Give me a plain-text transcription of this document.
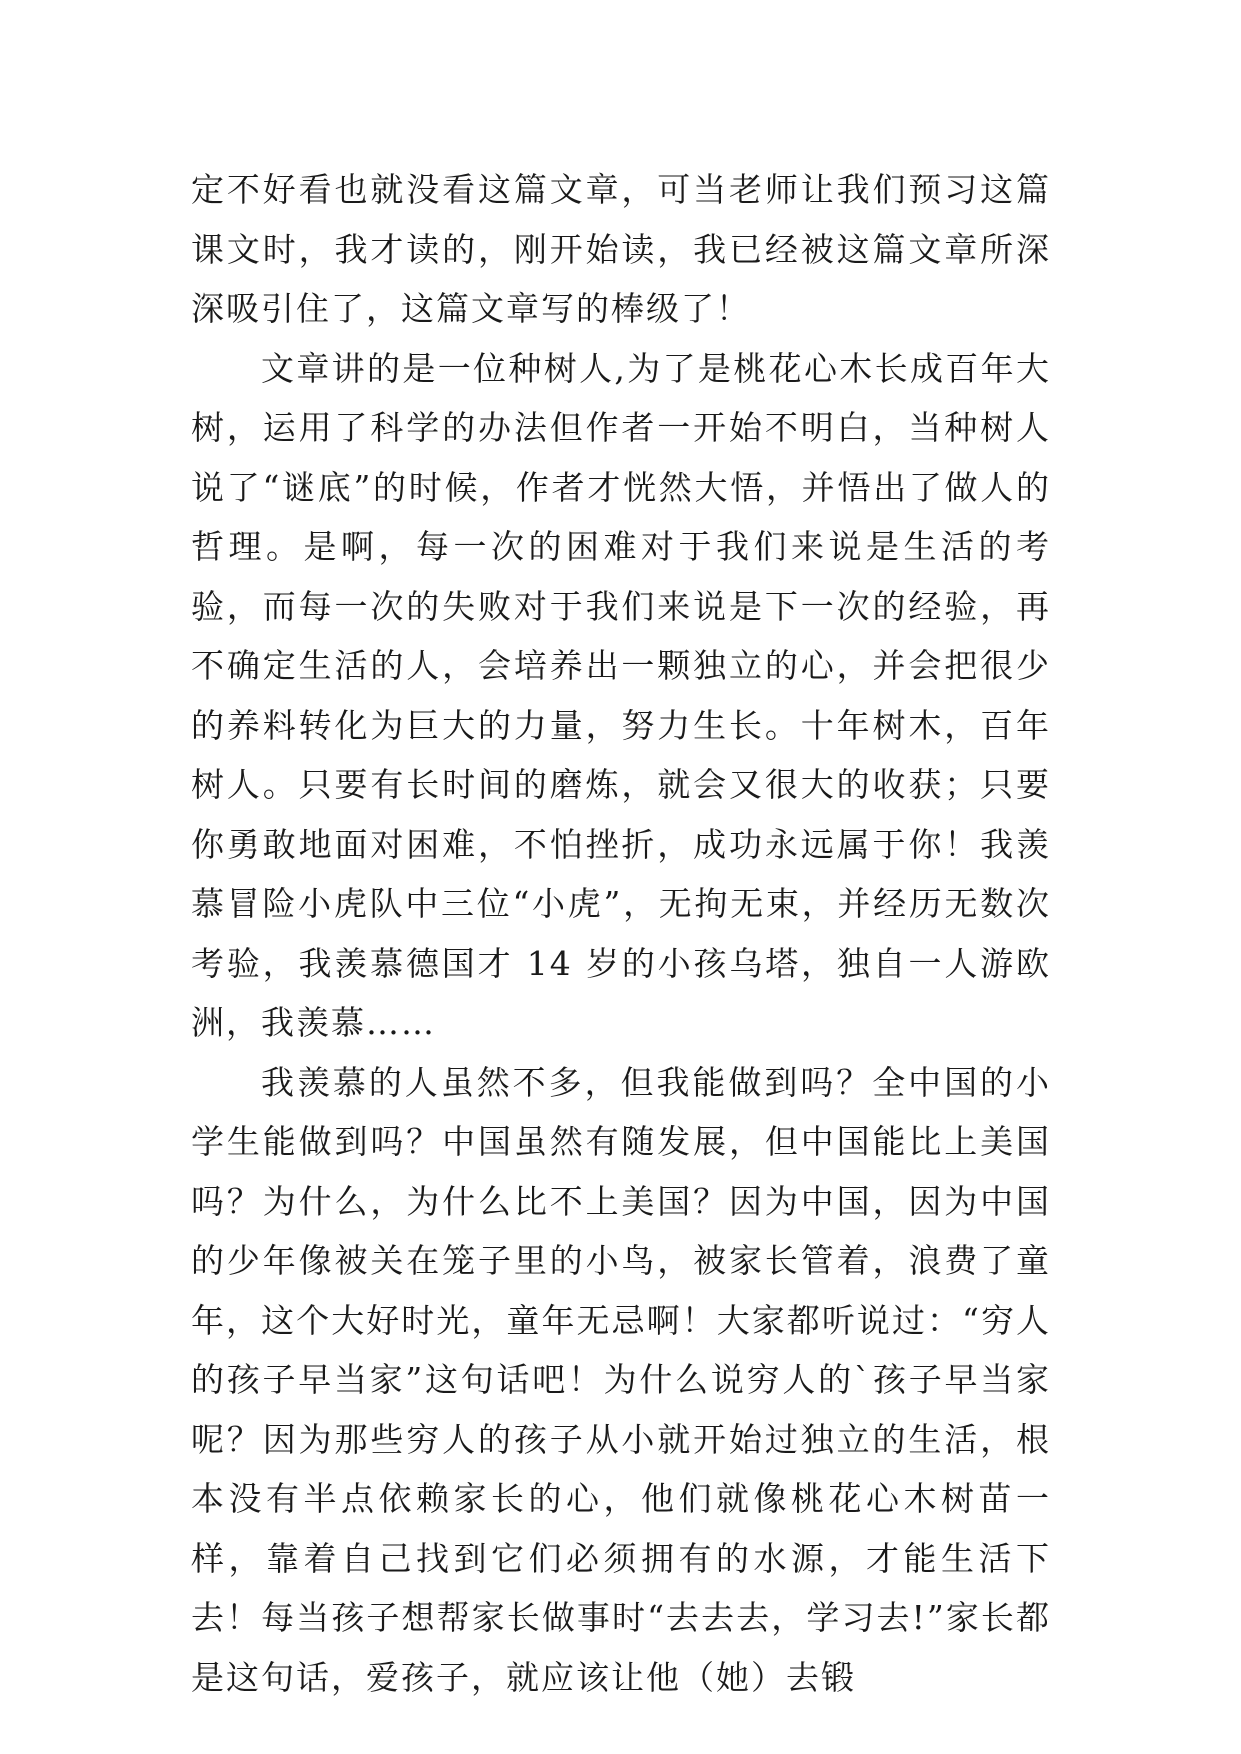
定不好看也就没看这篇文章，可当老师让我们预习这篇课文时，我才读的，刚开始读，我已经被这篇文章所深深吸引住了，这篇文章写的棒级了！

文章讲的是一位种树人,为了是桃花心木长成百年大树，运用了科学的办法但作者一开始不明白，当种树人说了“谜底”的时候，作者才恍然大悟，并悟出了做人的哲理。是啊，每一次的困难对于我们来说是生活的考验，而每一次的失败对于我们来说是下一次的经验，再不确定生活的人，会培养出一颗独立的心，并会把很少的养料转化为巨大的力量，努力生长。十年树木，百年树人。只要有长时间的磨炼，就会又很大的收获；只要你勇敢地面对困难，不怕挫折，成功永远属于你！我羡慕冒险小虎队中三位“小虎”，无拘无束，并经历无数次考验，我羡慕德国才 14 岁的小孩乌塔，独自一人游欧洲，我羡慕……

我羡慕的人虽然不多，但我能做到吗？全中国的小学生能做到吗？中国虽然有随发展，但中国能比上美国吗？为什么，为什么比不上美国？因为中国，因为中国的少年像被关在笼子里的小鸟，被家长管着，浪费了童年，这个大好时光，童年无忌啊！大家都听说过：“穷人的孩子早当家”这句话吧！为什么说穷人的`孩子早当家呢？因为那些穷人的孩子从小就开始过独立的生活，根本没有半点依赖家长的心，他们就像桃花心木树苗一样，靠着自己找到它们必须拥有的水源，才能生活下去！每当孩子想帮家长做事时“去去去，学习去!”家长都是这句话，爱孩子，就应该让他（她）去锻
